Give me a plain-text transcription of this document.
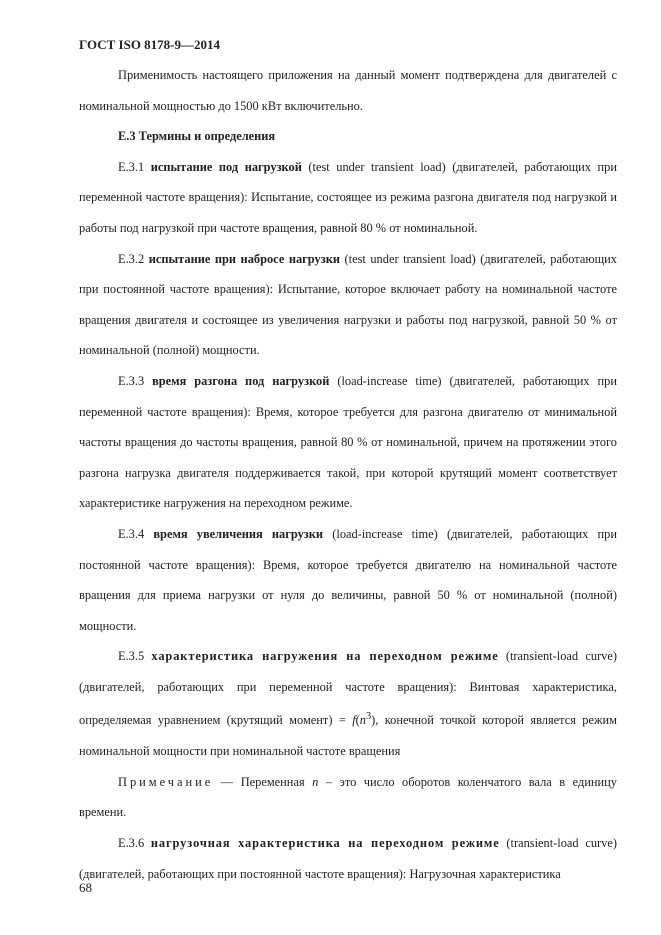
ГОСТ ISO 8178-9—2014

Применимость настоящего приложения на данный момент подтверждена для двигателей с номинальной мощностью до 1500 кВт включительно.

Е.3 Термины и определения

Е.3.1 испытание под нагрузкой (test under transient load) (двигателей, работающих при переменной частоте вращения): Испытание, состоящее из режима разгона двигателя под нагрузкой и работы под нагрузкой при частоте вращения, равной 80 % от номинальной.

Е.3.2 испытание при набросе нагрузки (test under transient load) (двигателей, работающих при постоянной частоте вращения): Испытание, которое включает работу на номинальной частоте вращения двигателя и состоящее из увеличения нагрузки и работы под нагрузкой, равной 50 % от номинальной (полной) мощности.

Е.3.3 время разгона под нагрузкой (load-increase time) (двигателей, работающих при переменной частоте вращения): Время, которое требуется для разгона двигателю от минимальной частоты вращения до частоты вращения, равной 80 % от номинальной, причем на протяжении этого разгона нагрузка двигателя поддерживается такой, при которой крутящий момент соответствует характеристике нагружения на переходном режиме.

Е.3.4 время увеличения нагрузки (load-increase time) (двигателей, работающих при постоянной частоте вращения): Время, которое требуется двигателю на номинальной частоте вращения для приема нагрузки от нуля до величины, равной 50 % от номинальной (полной) мощности.

Е.3.5 характеристика нагружения на переходном режиме (transient-load curve) (двигателей, работающих при переменной частоте вращения): Винтовая характеристика, определяемая уравнением (крутящий момент) = $f(n^3)$, конечной точкой которой является режим номинальной мощности при номинальной частоте вращения

Примечание — Переменная n – это число оборотов коленчатого вала в единицу времени.

Е.3.6 нагрузочная характеристика на переходном режиме (transient-load curve) (двигателей, работающих при постоянной частоте вращения): Нагрузочная характеристика

68
